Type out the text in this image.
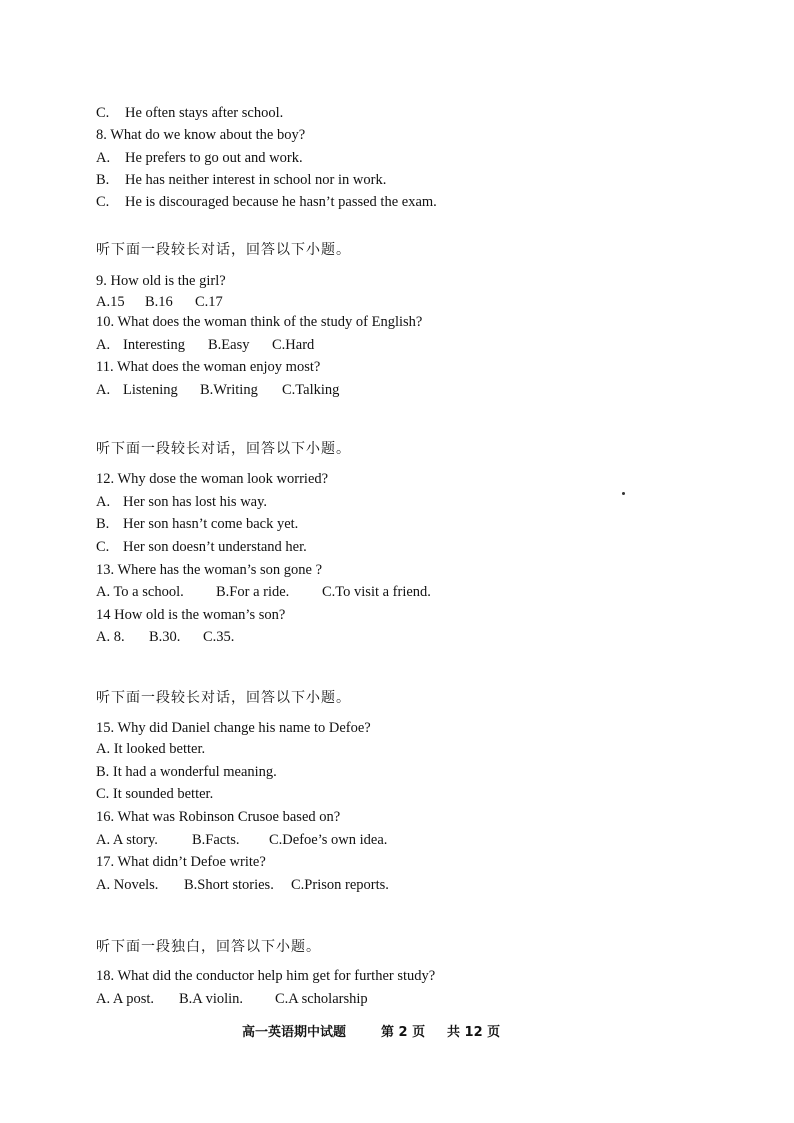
C. He often stays after school.
8. What do we know about the boy?
A. He prefers to go out and work.
B. He has neither interest in school nor in work.
C. He is discouraged because he hasn’t passed the exam.
听下面一段较长对话，回答以下小题。
9. How old is the girl?
A.15 B.16 C.17
10. What does the woman think of the study of English?
A. Interesting B.Easy C.Hard
11. What does the woman enjoy most?
A. Listening B.Writing C.Talking
听下面一段较长对话，回答以下小题。
12. Why dose the woman look worried?
A. Her son has lost his way.
B. Her son hasn’t come back yet.
C. Her son doesn’t understand her.
13. Where has the woman’s son gone ?
A. To a school. B.For a ride. C.To visit a friend.
14 How old is the woman’s son?
A. 8. B.30. C.35.
听下面一段较长对话，回答以下小题。
15. Why did Daniel change his name to Defoe?
A. It looked better.
B. It had a wonderful meaning.
C. It sounded better.
16. What was Robinson Crusoe based on?
A. A story. B.Facts. C.Defoe’s own idea.
17. What didn’t Defoe write?
A. Novels. B.Short stories. C.Prison reports.
听下面一段独白，回答以下小题。
18. What did the conductor help him get for further study?
A. A post. B.A violin. C.A scholarship
高一英语期中试题	第 2 页 共 12 页
